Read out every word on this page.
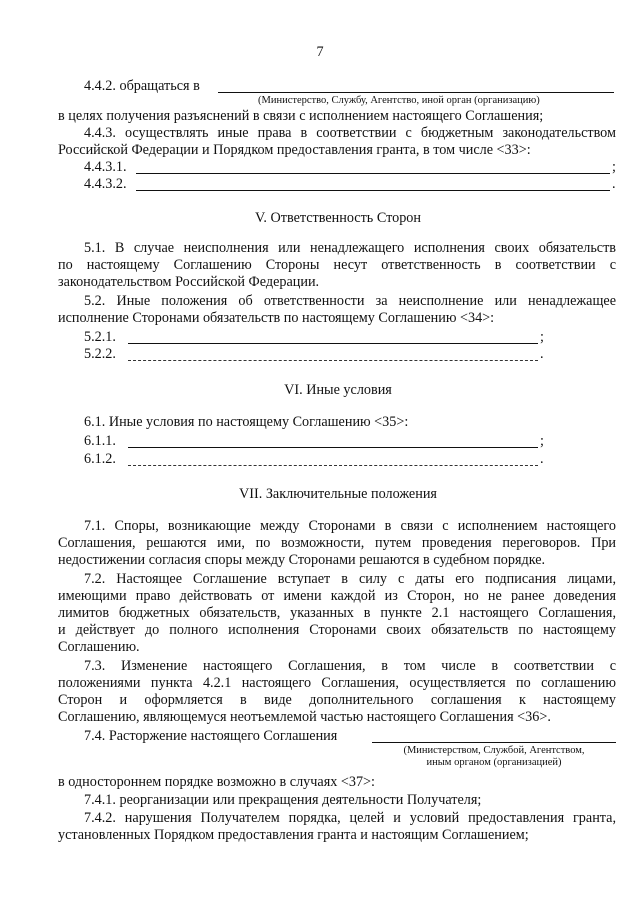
7
4.4.2. обращаться в
(Министерство, Службу, Агентство, иной орган (организацию)
в целях получения разъяснений в связи с исполнением настоящего Соглашения;
4.4.3. осуществлять иные права в соответствии с бюджетным законодательством
Российской Федерации и Порядком предоставления гранта, в том числе <33>:
4.4.3.1.	;
4.4.3.2.	.
V. Ответственность Сторон
5.1. В случае неисполнения или ненадлежащего исполнения своих обязательств
по настоящему Соглашению Стороны несут ответственность в соответствии с
законодательством Российской Федерации.
5.2. Иные положения об ответственности за неисполнение или ненадлежащее
исполнение Сторонами обязательств по настоящему Соглашению <34>:
5.2.1.	;
5.2.2.	.
VI. Иные условия
6.1. Иные условия по настоящему Соглашению <35>:
6.1.1.	;
6.1.2.	.
VII. Заключительные положения
7.1. Споры, возникающие между Сторонами в связи с исполнением настоящего
Соглашения, решаются ими, по возможности, путем проведения переговоров. При
недостижении согласия споры между Сторонами решаются в судебном порядке.
7.2. Настоящее Соглашение вступает в силу с даты его подписания лицами,
имеющими право действовать от имени каждой из Сторон, но не ранее доведения
лимитов бюджетных обязательств, указанных в пункте 2.1 настоящего Соглашения,
и действует до полного исполнения Сторонами своих обязательств по настоящему
Соглашению.
7.3. Изменение настоящего Соглашения, в том числе в соответствии с
положениями пункта 4.2.1 настоящего Соглашения, осуществляется по соглашению
Сторон и оформляется в виде дополнительного соглашения к настоящему
Соглашению, являющемуся неотъемлемой частью настоящего Соглашения <36>.
7.4. Расторжение настоящего Соглашения
(Министерством, Службой, Агентством,
иным органом (организацией)
в одностороннем порядке возможно в случаях <37>:
7.4.1. реорганизации или прекращения деятельности Получателя;
7.4.2. нарушения Получателем порядка, целей и условий предоставления гранта,
установленных Порядком предоставления гранта и настоящим Соглашением;
